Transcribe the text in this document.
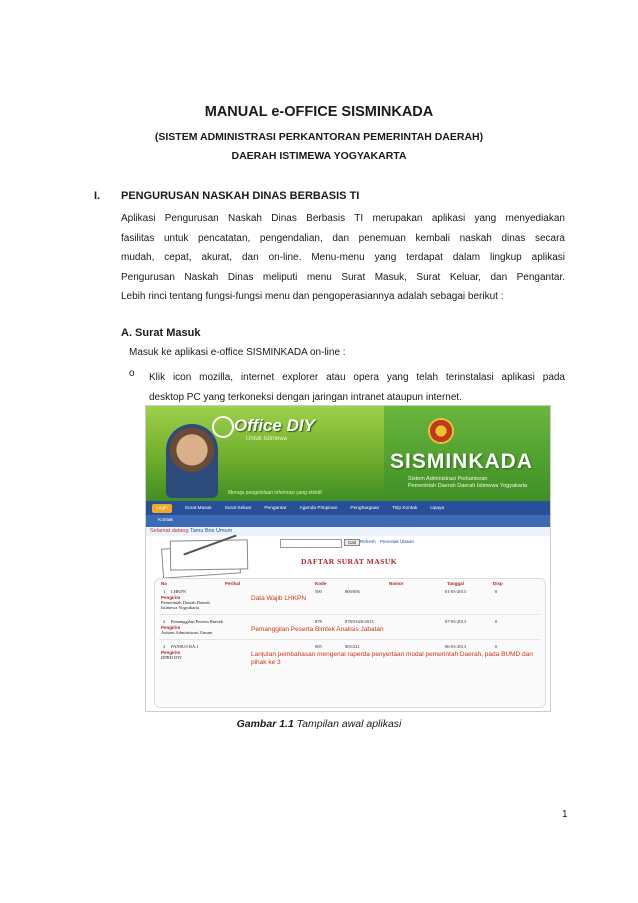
MANUAL e-OFFICE SISMINKADA
(SISTEM ADMINISTRASI PERKANTORAN PEMERINTAH DAERAH)
DAERAH ISTIMEWA YOGYAKARTA
I. PENGURUSAN NASKAH DINAS BERBASIS TI
Aplikasi Pengurusan Naskah Dinas Berbasis TI merupakan aplikasi yang menyediakan
fasilitas untuk pencatatan, pengendalian, dan penemuan kembali naskah dinas secara
mudah, cepat, akurat, dan on-line. Menu-menu yang terdapat dalam lingkup aplikasi
Pengurusan Naskah Dinas meliputi menu Surat Masuk, Surat Keluar, dan Pengantar.
Lebih rinci tentang fungsi-fungsi menu dan pengoperasiannya adalah sebagai berikut :
A. Surat Masuk
Masuk ke aplikasi e-office SISMINKADA on-line :
o Klik icon mozilla, internet explorer atau opera yang telah terinstalasi aplikasi pada
desktop PC yang terkoneksi dengan jaringan intranet ataupun internet.
Office DIY
Untuk Istimewa
SISMINKADA
Sistem Administrasi Perkantoran
Pemerintah Daerah Daerah Istimewa Yogyakarta
Menuju pengelolaan informasi yang efektif
Login	Surat Masuk	Surat Keluar	Pengantar	Agenda Pimpinan	Penghargaan	Telp Kontak	Upaya
Kontak
Selamat datang Tamu Bos Umum
Cari Refresh Pencetak Ulasan
DAFTAR SURAT MASUK
No	Perihal	Kode	Nomor	Tanggal	Disp
1 LHKPN	500	800/056	01-03-2013	0
Pengirim
Pemerintah Daerah Daerah
Istimewa Yogyakarta
Data Wajib LHKPN
2 Pemanggilan Peserta Bimtek	878	878/534/6/2013	07-03-2013	0
Pengirim
Asisten Administrasi Umum	Pemanggilan Peserta Bimtek Analisis Jabatan
3 PANSUS BA.1	005	005/221	06-03-2013	0
Pengirim
DPRD DIY	Lanjutan pembahasan mengenai raperda penyertaan modal pemerintah Daerah, pada BUMD dan pihak ke 3
Gambar 1.1 Tampilan awal aplikasi
1
